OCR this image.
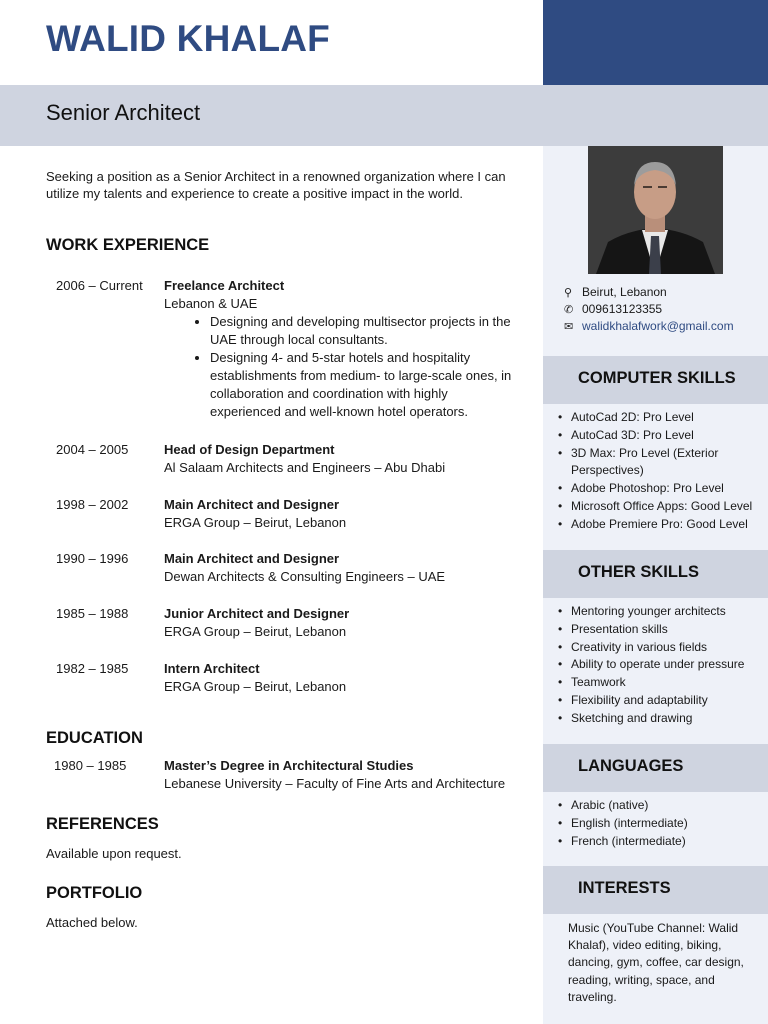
WALID KHALAF
Senior Architect
Seeking a position as a Senior Architect in a renowned organization where I can utilize my talents and experience to create a positive impact in the world.
WORK EXPERIENCE
2006 – Current Freelance Architect
Lebanon & UAE
• Designing and developing multisector projects in the UAE through local consultants.
• Designing 4- and 5-star hotels and hospitality establishments from medium- to large-scale ones, in collaboration and coordination with highly experienced and well-known hotel operators.
2004 – 2005	Head of Design Department
Al Salaam Architects and Engineers – Abu Dhabi
1998 – 2002	Main Architect and Designer
ERGA Group – Beirut, Lebanon
1990 – 1996	Main Architect and Designer
Dewan Architects & Consulting Engineers – UAE
1985 – 1988	Junior Architect and Designer
ERGA Group – Beirut, Lebanon
1982 – 1985	Intern Architect
ERGA Group – Beirut, Lebanon
EDUCATION
1980 – 1985	Master’s Degree in Architectural Studies
Lebanese University – Faculty of Fine Arts and Architecture
REFERENCES
Available upon request.
PORTFOLIO
Attached below.
⚲ Beirut, Lebanon
✆ 009613123355
✉ walidkhalafwork@gmail.com
COMPUTER SKILLS
• AutoCad 2D: Pro Level
• AutoCad 3D: Pro Level
• 3D Max: Pro Level (Exterior Perspectives)
• Adobe Photoshop: Pro Level
• Microsoft Office Apps: Good Level
• Adobe Premiere Pro: Good Level
OTHER SKILLS
• Mentoring younger architects
• Presentation skills
• Creativity in various fields
• Ability to operate under pressure
• Teamwork
• Flexibility and adaptability
• Sketching and drawing
LANGUAGES
• Arabic (native)
• English (intermediate)
• French (intermediate)
INTERESTS
Music (YouTube Channel: Walid Khalaf), video editing, biking, dancing, gym, coffee, car design, reading, writing, space, and traveling.
